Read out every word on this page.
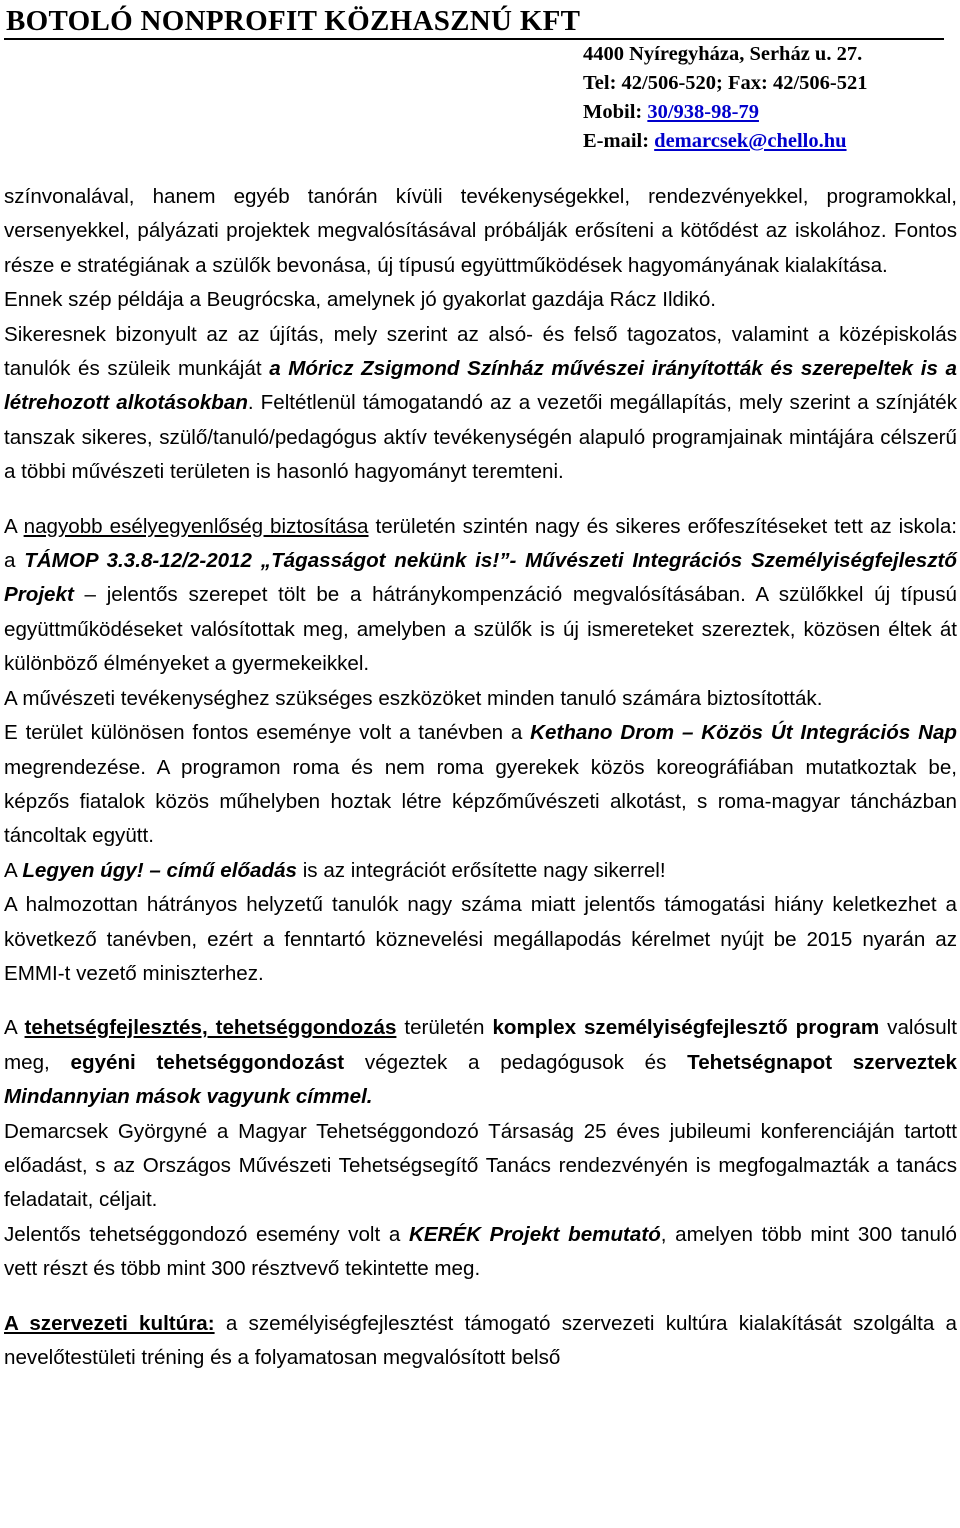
BOTOLÓ NONPROFIT KÖZHASZNÚ KFT
4400 Nyíregyháza, Serház u. 27.
Tel: 42/506-520; Fax: 42/506-521
Mobil: 30/938-98-79
E-mail: demarcsek@chello.hu

színvonalával, hanem egyéb tanórán kívüli tevékenységekkel, rendezvényekkel, programokkal, versenyekkel, pályázati projektek megvalósításával próbálják erősíteni a kötődést az iskolához. Fontos része e stratégiának a szülők bevonása, új típusú együttműködések hagyományának kialakítása.

Ennek szép példája a Beugrócska, amelynek jó gyakorlat gazdája Rácz Ildikó.

Sikeresnek bizonyult az az újítás, mely szerint az alsó- és felső tagozatos, valamint a középiskolás tanulók és szüleik munkáját a Móricz Zsigmond Színház művészei irányították és szerepeltek is a létrehozott alkotásokban. Feltétlenül támogatandó az a vezetői megállapítás, mely szerint a színjáték tanszak sikeres, szülő/tanuló/pedagógus aktív tevékenységén alapuló programjainak mintájára célszerű a többi művészeti területen is hasonló hagyományt teremteni.

A nagyobb esélyegyenlőség biztosítása területén szintén nagy és sikeres erőfeszítéseket tett az iskola: a TÁMOP 3.3.8-12/2-2012 „Tágasságot nekünk is!”- Művészeti Integrációs Személyiségfejlesztő Projekt – jelentős szerepet tölt be a hátránykompenzáció megvalósításában. A szülőkkel új típusú együttműködéseket valósítottak meg, amelyben a szülők is új ismereteket szereztek, közösen éltek át különböző élményeket a gyermekeikkel.

A művészeti tevékenységhez szükséges eszközöket minden tanuló számára biztosították.

E terület különösen fontos eseménye volt a tanévben a Kethano Drom – Közös Út Integrációs Nap megrendezése. A programon roma és nem roma gyerekek közös koreográfiában mutatkoztak be, képzős fiatalok közös műhelyben hoztak létre képzőművészeti alkotást, s roma-magyar táncházban táncoltak együtt.

A Legyen úgy! – című előadás is az integrációt erősítette nagy sikerrel!

A halmozottan hátrányos helyzetű tanulók nagy száma miatt jelentős támogatási hiány keletkezhet a következő tanévben, ezért a fenntartó köznevelési megállapodás kérelmet nyújt be 2015 nyarán az EMMI-t vezető miniszterhez.

A tehetségfejlesztés, tehetséggondozás területén komplex személyiségfejlesztő program valósult meg, egyéni tehetséggondozást végeztek a pedagógusok és Tehetségnapot szerveztek Mindannyian mások vagyunk címmel.

Demarcsek Györgyné a Magyar Tehetséggondozó Társaság 25 éves jubileumi konferenciáján tartott előadást, s az Országos Művészeti Tehetségsegítő Tanács rendezvényén is megfogalmazták a tanács feladatait, céljait.

Jelentős tehetséggondozó esemény volt a KERÉK Projekt bemutató, amelyen több mint 300 tanuló vett részt és több mint 300 résztvevő tekintette meg.

A szervezeti kultúra: a személyiségfejlesztést támogató szervezeti kultúra kialakítását szolgálta a nevelőtestületi tréning és a folyamatosan megvalósított belső
